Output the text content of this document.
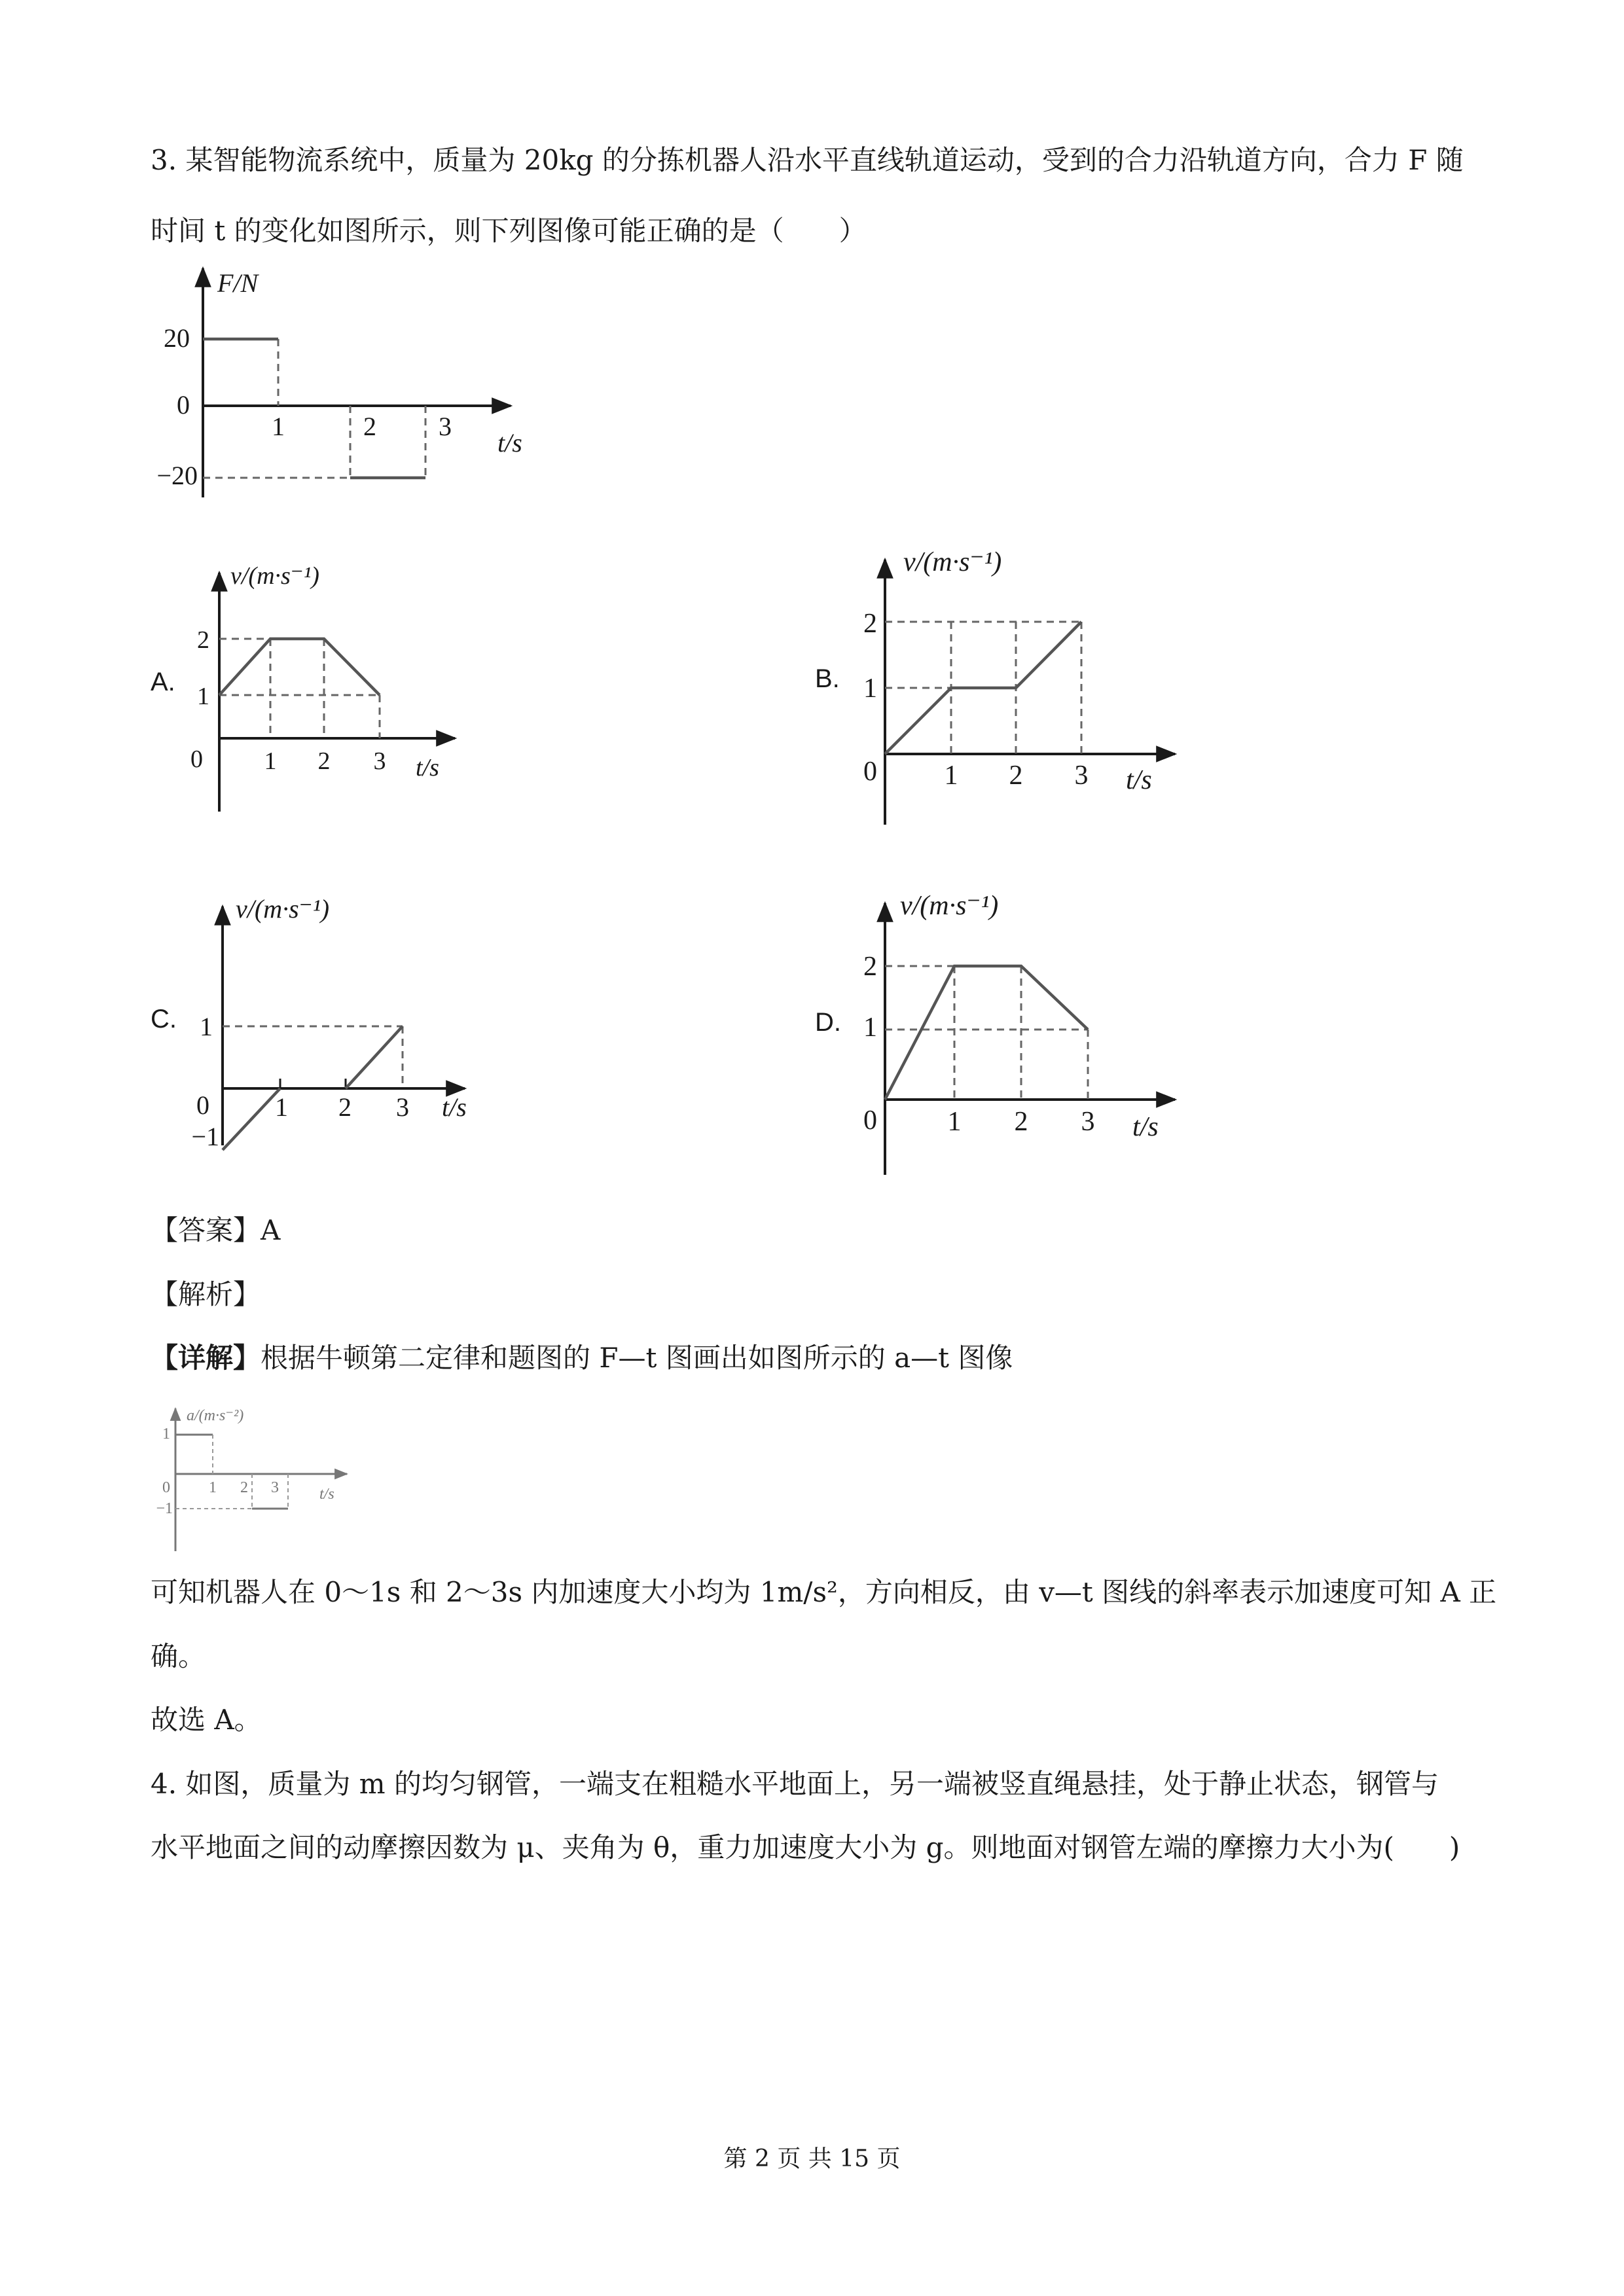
3. 某智能物流系统中，质量为 20kg 的分拣机器人沿水平直线轨道运动，受到的合力沿轨道方向，合力 F 随
时间 t 的变化如图所示，则下列图像可能正确的是（　　）
F/N
t/s
20
0
−20
1	2 3
A.
v/(m·s⁻¹)
t/s
0
2
1
1 2 3
B.
v/(m·s⁻¹)
t/s
0
2
1
1 2 3
C.
v/(m·s⁻¹)
t/s
0
1
−1
1 2 3
D.
v/(m·s⁻¹)
t/s
0
2
1
1 2 3
【答案】A
【解析】
【详解】根据牛顿第二定律和题图的 F—t 图画出如图所示的 a—t 图像
a/(m·s⁻²)
t/s
1
−1
0 1 2 3
可知机器人在 0～1s 和 2～3s 内加速度大小均为 1m/s²，方向相反，由 v—t 图线的斜率表示加速度可知 A 正
确。
故选 A。
4. 如图，质量为 m 的均匀钢管，一端支在粗糙水平地面上，另一端被竖直绳悬挂，处于静止状态，钢管与
水平地面之间的动摩擦因数为 μ、夹角为 θ，重力加速度大小为 g。则地面对钢管左端的摩擦力大小为(　　)
第 2 页 共 15 页
